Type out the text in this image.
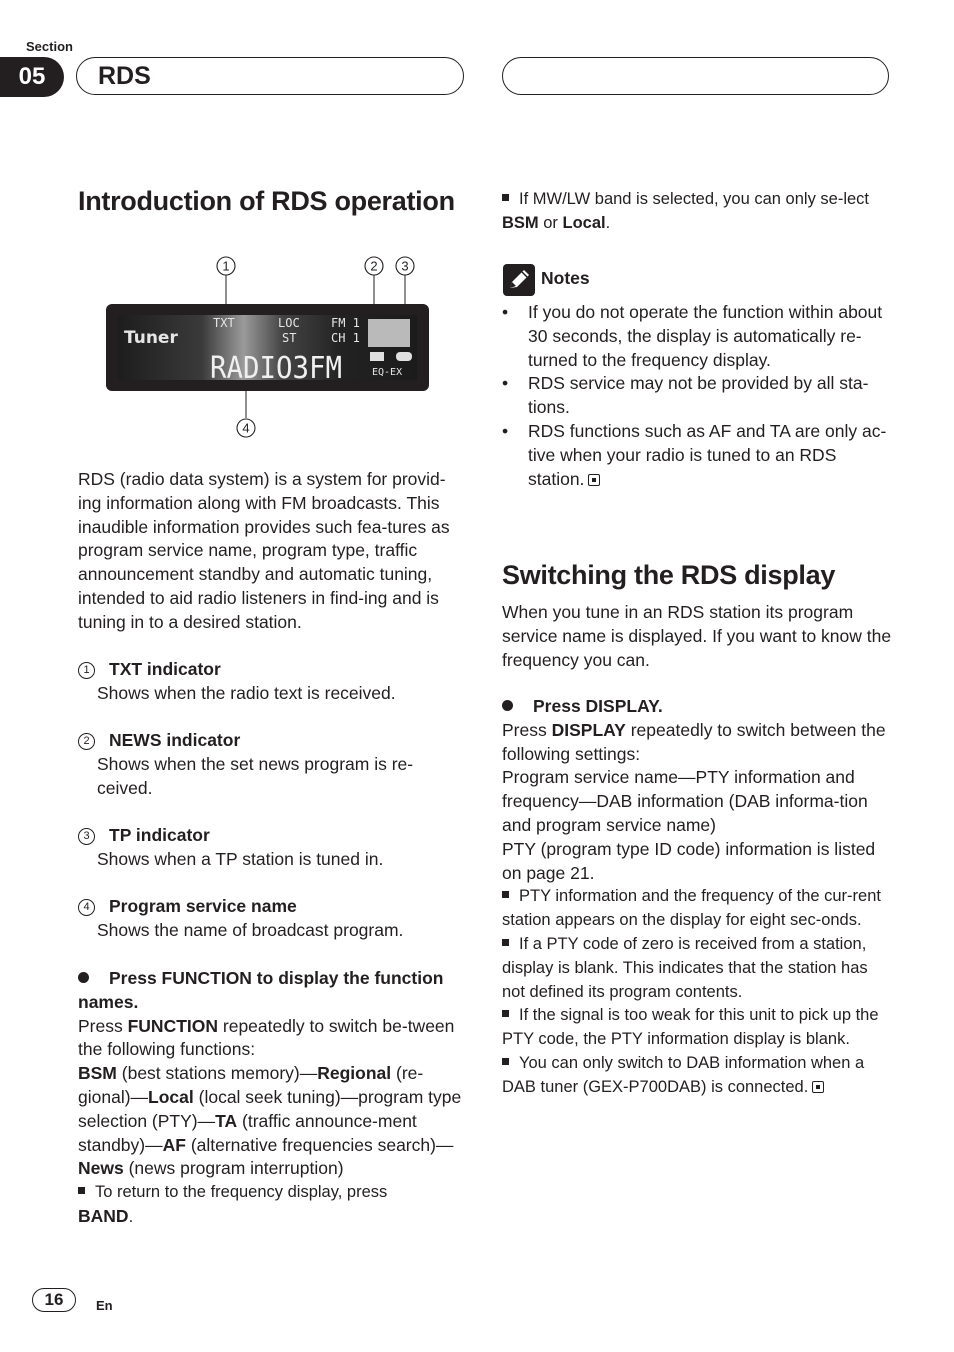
Section
05	RDS
Introduction of RDS operation
1	2 3
Tuner
TXT	LOC
ST
FM 1
CH 1
RADIO3FM	EQ-EX
4
RDS (radio data system) is a system for provid-ing information along with FM broadcasts. This inaudible information provides such fea-tures as program service name, program type, traffic announcement standby and automatic tuning, intended to aid radio listeners in find-ing and is tuning in to a desired station.
1 TXT indicator
Shows when the radio text is received.
2 NEWS indicator
Shows when the set news program is re-ceived.
3 TP indicator
Shows when a TP station is tuned in.
4 Program service name
Shows the name of broadcast program.
Press FUNCTION to display the function names.
Press FUNCTION repeatedly to switch be-tween the following functions:
BSM (best stations memory)—Regional (re-gional)—Local (local seek tuning)—program type selection (PTY)—TA (traffic announce-ment standby)—AF (alternative frequencies search)—News (news program interruption)
To return to the frequency display, press
BAND.
If MW/LW band is selected, you can only se-lect BSM or Local.
Notes
• If you do not operate the function within about 30 seconds, the display is automatically re-turned to the frequency display.
• RDS service may not be provided by all sta-tions.
• RDS functions such as AF and TA are only ac-tive when your radio is tuned to an RDS station.
Switching the RDS display
When you tune in an RDS station its program service name is displayed. If you want to know the frequency you can.
Press DISPLAY.
Press DISPLAY repeatedly to switch between the following settings:
Program service name—PTY information and frequency—DAB information (DAB informa-tion and program service name)
PTY (program type ID code) information is listed on page 21.
PTY information and the frequency of the cur-rent station appears on the display for eight sec-onds.
If a PTY code of zero is received from a station, display is blank. This indicates that the station has not defined its program contents.
If the signal is too weak for this unit to pick up the PTY code, the PTY information display is blank.
You can only switch to DAB information when a DAB tuner (GEX-P700DAB) is connected.
16	En
